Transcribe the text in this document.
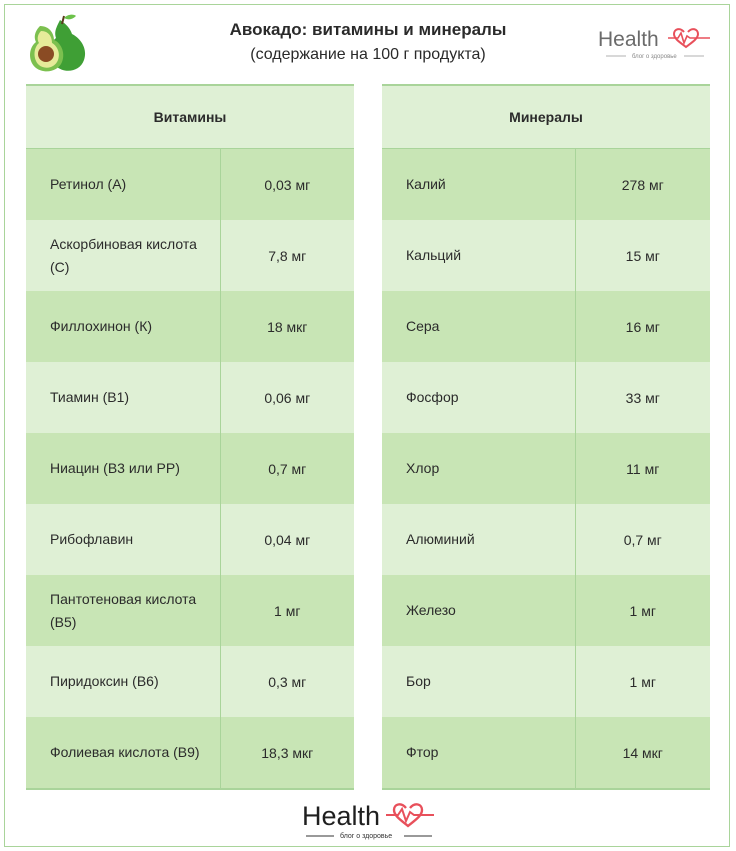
Авокадо: витамины и минералы
(содержание на 100 г продукта)
Health
блог о здоровье
Витамины	
Ретинол (А)	0,03 мг
Аскорбиновая кислота (С)	7,8 мг
Филлохинон (К)	18 мкг
Тиамин (В1)	0,06 мг
Ниацин (В3 или РР)	0,7 мг
Рибофлавин	0,04 мг
Пантотеновая кислота (В5)	1 мг
Пиридоксин (В6)	0,3 мг
Фолиевая кислота (В9)	18,3 мкг
Минералы	
Калий	278 мг
Кальций	15 мг
Сера	16 мг
Фосфор	33 мг
Хлор	11 мг
Алюминий	0,7 мг
Железо	1 мг
Бор	1 мг
Фтор	14 мкг
Health
блог о здоровье
